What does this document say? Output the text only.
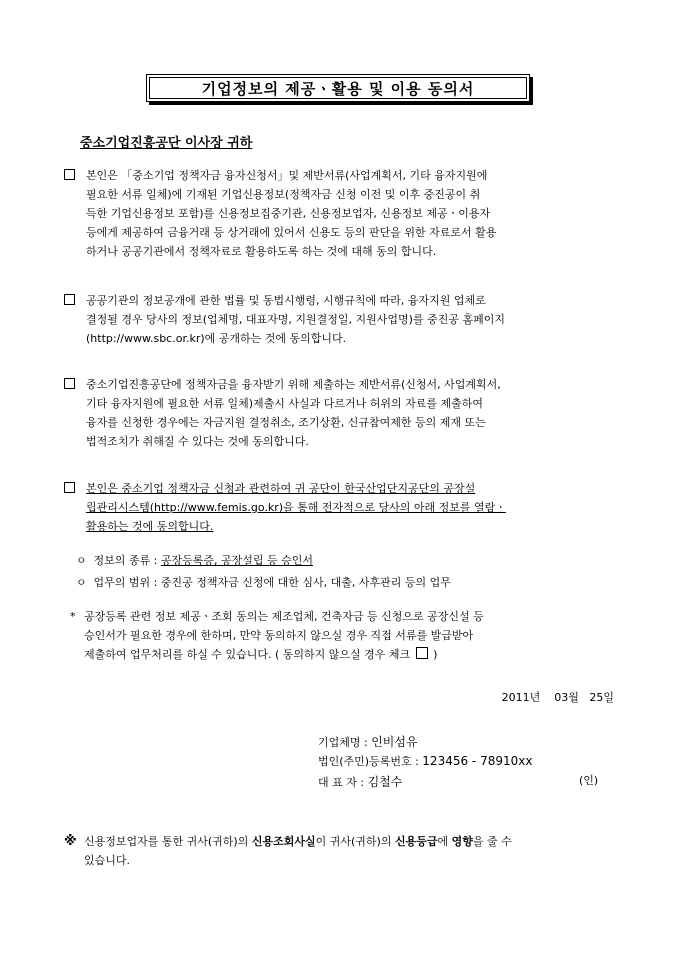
기업정보의 제공ㆍ활용 및 이용 동의서
중소기업진흥공단 이사장 귀하
본인은 「중소기업 정책자금 융자신청서」및 제반서류(사업계획서, 기타 융자지원에
필요한 서류 일체)에 기재된 기업신용정보(정책자금 신청 이전 및 이후 중진공이 취
득한 기업신용정보 포함)를 신용정보집중기관, 신용정보업자, 신용정보 제공ㆍ이용자
등에게 제공하여 금융거래 등 상거래에 있어서 신용도 등의 판단을 위한 자료로서 활용
하거나 공공기관에서 정책자료로 활용하도록 하는 것에 대해 동의 합니다.
공공기관의 정보공개에 관한 법률 및 동법시행령, 시행규칙에 따라, 융자지원 업체로
결정될 경우 당사의 정보(업체명, 대표자명, 지원결정일, 지원사업명)를 중진공 홈페이지
(http://www.sbc.or.kr)에 공개하는 것에 동의합니다.
중소기업진흥공단에 정책자금을 융자받기 위해 제출하는 제반서류(신청서, 사업계획서,
기타 융자지원에 필요한 서류 일체)제출시 사실과 다르거나 허위의 자료를 제출하여
융자를 신청한 경우에는 자금지원 결정취소, 조기상환, 신규참여제한 등의 제재 또는
법적조치가 취해질 수 있다는 것에 동의합니다.
본인은 중소기업 정책자금 신청과 관련하여 귀 공단이 한국산업단지공단의 공장설
립관리시스템(http://www.femis.go.kr)을 통해 전자적으로 당사의 아래 정보를 열람ㆍ
활용하는 것에 동의합니다.
ㅇ 정보의 종류 : 공장등록증, 공장설립 등 승인서
ㅇ 업무의 범위 : 중진공 정책자금 신청에 대한 심사, 대출, 사후관리 등의 업무
* 공장등록 관련 정보 제공ㆍ조회 동의는 제조업체, 건축자금 등 신청으로 공장신설 등
승인서가 필요한 경우에 한하며, 만약 동의하지 않으실 경우 직접 서류를 발급받아
제출하여 업무처리를 하실 수 있습니다. ( 동의하지 않으실 경우 체크 )
2011년 03월 25일
기업체명 : 인비섬유
법인(주민)등록번호 : 123456 - 78910xx
대 표 자 : 김철수	(인)
※ 신용정보업자를 통한 귀사(귀하)의 신용조회사실이 귀사(귀하)의 신용등급에 영향을 줄 수
있습니다.
